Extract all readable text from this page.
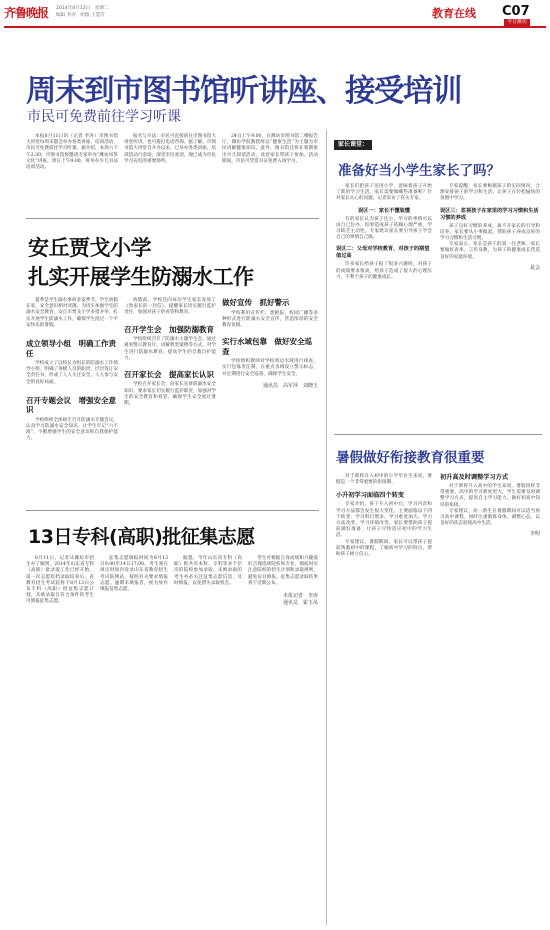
齐鲁晚报 2014年8月12日　星期二
编辑 李涛　组版 王慧芳	教育在线 C07
今日潍坊
周末到市图书馆听讲座、接受培训
市民可免费前往学习听课
本报8月11日讯（记者 李涛）市图书馆大讲堂每周末都会举办各类讲座、培训活动，市民可免费前往学习听课。据介绍，本周六下午2:30，市图书馆将邀请专家举办“潍坊风筝文化”讲座，周日上午9:00，将举办少儿书法培训活动。
报名与方法：市民可直接前往市图书馆大讲堂听讲，也可拨打电话咨询。据了解，市图书馆大讲堂自开办以来，已举办各类讲座、培训活动百余场，深受市民欢迎，现已成为市民学习充电的重要场所。
24日上午9:00，在潍坊市图书馆二楼报告厅，潍坊学院教授将以“健康生活”为主题为市民讲解健康知识。此外，图书馆还将在暑期推出少儿阅读活动，欢迎家长带孩子参加。活动期间，市民可凭借书证免费入场学习。
安丘贾戈小学
扎实开展学生防溺水工作
夏季是学生溺水事故多发季节，学生放假在家，安全意识相对淡薄。为切实加强学生防溺水安全教育，安丘市贾戈小学多措并举，扎实开展学生防溺水工作，确保学生度过一个平安快乐的暑假。
成立领导小组　明确工作责任
学校成立了以校长为组长的防溺水工作领导小组，明确了各级人员的职责，层层签订安全责任书，形成了人人关注安全、人人参与安全的良好局面。
召开专题会议　增强安全意识
学校组织全体师生召开防溺水专题会议，认真学习防溺水安全知识，让学生牢记“六不准”，不断增强学生的安全意识和自我保护能力。
放假前，学校还向每位学生家长发放了《致家长的一封信》，提醒家长切实履行监护责任，加强对孩子的看管和教育。
召开学生会　加强防溺教育
学校组织召开了防溺水主题学生会，通过观看警示教育片、讲解典型案例等方式，对学生进行防溺水教育，提高学生的自救自护能力。
召开家长会　提高家长认识
学校召开家长会，向家长宣讲防溺水安全知识，要求家长切实履行监护职责，加强对学生的安全教育和看管，确保学生安全度过暑期。
做好宣传　抓好警示
学校利用宣传栏、黑板报、校园广播等多种形式进行防溺水安全宣传，营造浓厚的安全教育氛围。
实行水域包靠　做好安全巡查
学校组织教师对学校周边水域进行排查，实行包靠责任制，在重点水域设立警示标志，并定期进行安全巡查，确保学生安全。
通讯员　高军萍　刘晓玉
13日专科(高职)批征集志愿
8月11日，记者从潍坊市招生办了解到，2014年山东省专科（高职）批录取工作已经开始，第一次志愿投档录取结束后，省教育招生考试院将于8月13日公布专科（高职）批征集志愿计划，未被录取且符合条件的考生可填报征集志愿。
征集志愿填报时间为8月13日9:00至14日17:00，考生须在规定时间内登录山东省教育招生考试院网站，按照有关要求填报志愿。逾期未填报者，视为放弃填报征集志愿。
据悉，今年山东省专科（高职）批共有本科、专科等多个层次的院校参加录取。未被录取的考生务必关注征集志愿信息，及时填报，以免错失录取机会。
考生可根据自身成绩和兴趣爱好合理选择院校和专业，填报时应注意院校的招生计划和录取规则，避免盲目填报。征集志愿录取结果将于近期公布。
本报记者　李涛
通讯员　霍玉凤
家长课堂：
准备好当小学生家长了吗？
家长们把孩子送进小学，意味着孩子开始了新的学习生活。家长需要做哪些准备呢？针对家长关心的问题，记者采访了有关专家。
误区一：家长不懂装懂
有的家长认为孩子还小，学习的事情可以由自己包办，结果造成孩子依赖心理严重，学习缺乏主动性。专家建议家长要引导孩子学会自己的事情自己做。
误区二：父母对学校教育、对孩子的期望值过高
许多家长给孩子报了很多兴趣班，对孩子的成绩要求很高，给孩子造成了很大的心理压力，不利于孩子的健康成长。
专家提醒，家长要根据孩子的实际情况，合理安排孩子的学习和生活，让孩子在轻松愉快的氛围中学习。
误区三：忽视孩子在家里的学习习惯和生活习惯的养成
孩子良好习惯的养成，离不开家长的引导和培养。家长要从小事做起，帮助孩子养成良好的学习习惯和生活习惯。
专家表示，家长是孩子的第一任老师，家长要做好表率，言传身教，为孩子的健康成长营造良好的家庭环境。
晁会
暑假做好衔接教育很重要
对于即将升入初中的小学毕业生来说，暑假是一个非常重要的衔接期。
小升初学习面临四个转变
专家介绍，孩子升入初中后，学习内容和学习方法都会发生很大变化，主要面临以下四个转变：学习科目增多、学习难度加大、学习方法改变、学习环境改变。家长要帮助孩子提前做好准备，让孩子尽快适应初中的学习生活。
专家建议，暑假期间，家长可以带孩子提前熟悉初中的课程，了解初中学习的特点，帮助孩子树立信心。
初升高及时调整学习方式
对于即将升入高中的学生来说，暑假同样非常重要。高中的学习难度更大，学生需要及时调整学习方式，提高自主学习能力，做好初高中知识的衔接。
专家建议，高一新生在暑假期间可以适当预习高中课程，同时注重锻炼身体、调整心态，以良好的状态迎接高中生活。
李明
